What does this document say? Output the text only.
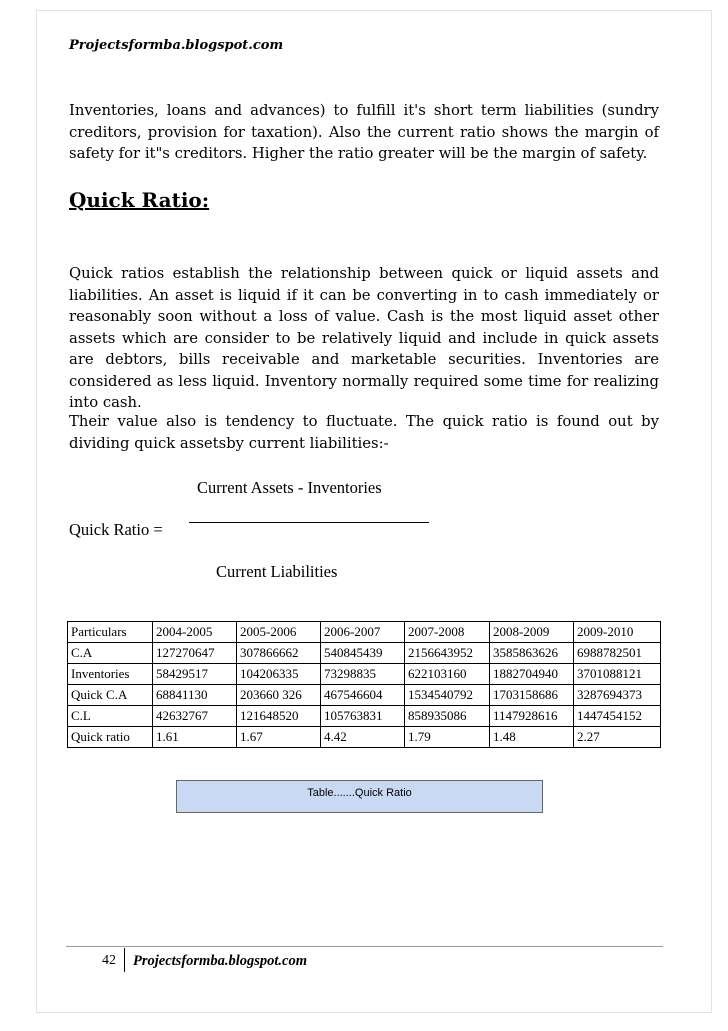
Projectsformba.blogspot.com

Inventories, loans and advances) to fulfill it's short term liabilities (sundry creditors, provision for taxation). Also the current ratio shows the margin of safety for it"s creditors. Higher the ratio greater will be the margin of safety.

Quick Ratio:

Quick ratios establish the relationship between quick or liquid assets and liabilities. An asset is liquid if it can be converting in to cash immediately or reasonably soon without a loss of value. Cash is the most liquid asset other assets which are consider to be relatively liquid and include in quick assets are debtors, bills receivable and marketable securities. Inventories are considered as less liquid. Inventory normally required some time for realizing into cash.

Their value also is tendency to fluctuate. The quick ratio is found out by dividing quick assetsby current liabilities:-

Current Assets - Inventories
Quick Ratio =
Current Liabilities
Particulars	2004-2005	2005-2006	2006-2007	2007-2008	2008-2009	2009-2010
C.A	127270647	307866662	540845439	2156643952	3585863626	6988782501
Inventories	58429517	104206335	73298835	622103160	1882704940	3701088121
Quick C.A	68841130	203660 326	467546604	1534540792	1703158686	3287694373
C.L	42632767	121648520	105763831	858935086	1147928616	1447454152
Quick ratio	1.61	1.67	4.42	1.79	1.48	2.27
Table.......Quick Ratio
42 Projectsformba.blogspot.com
